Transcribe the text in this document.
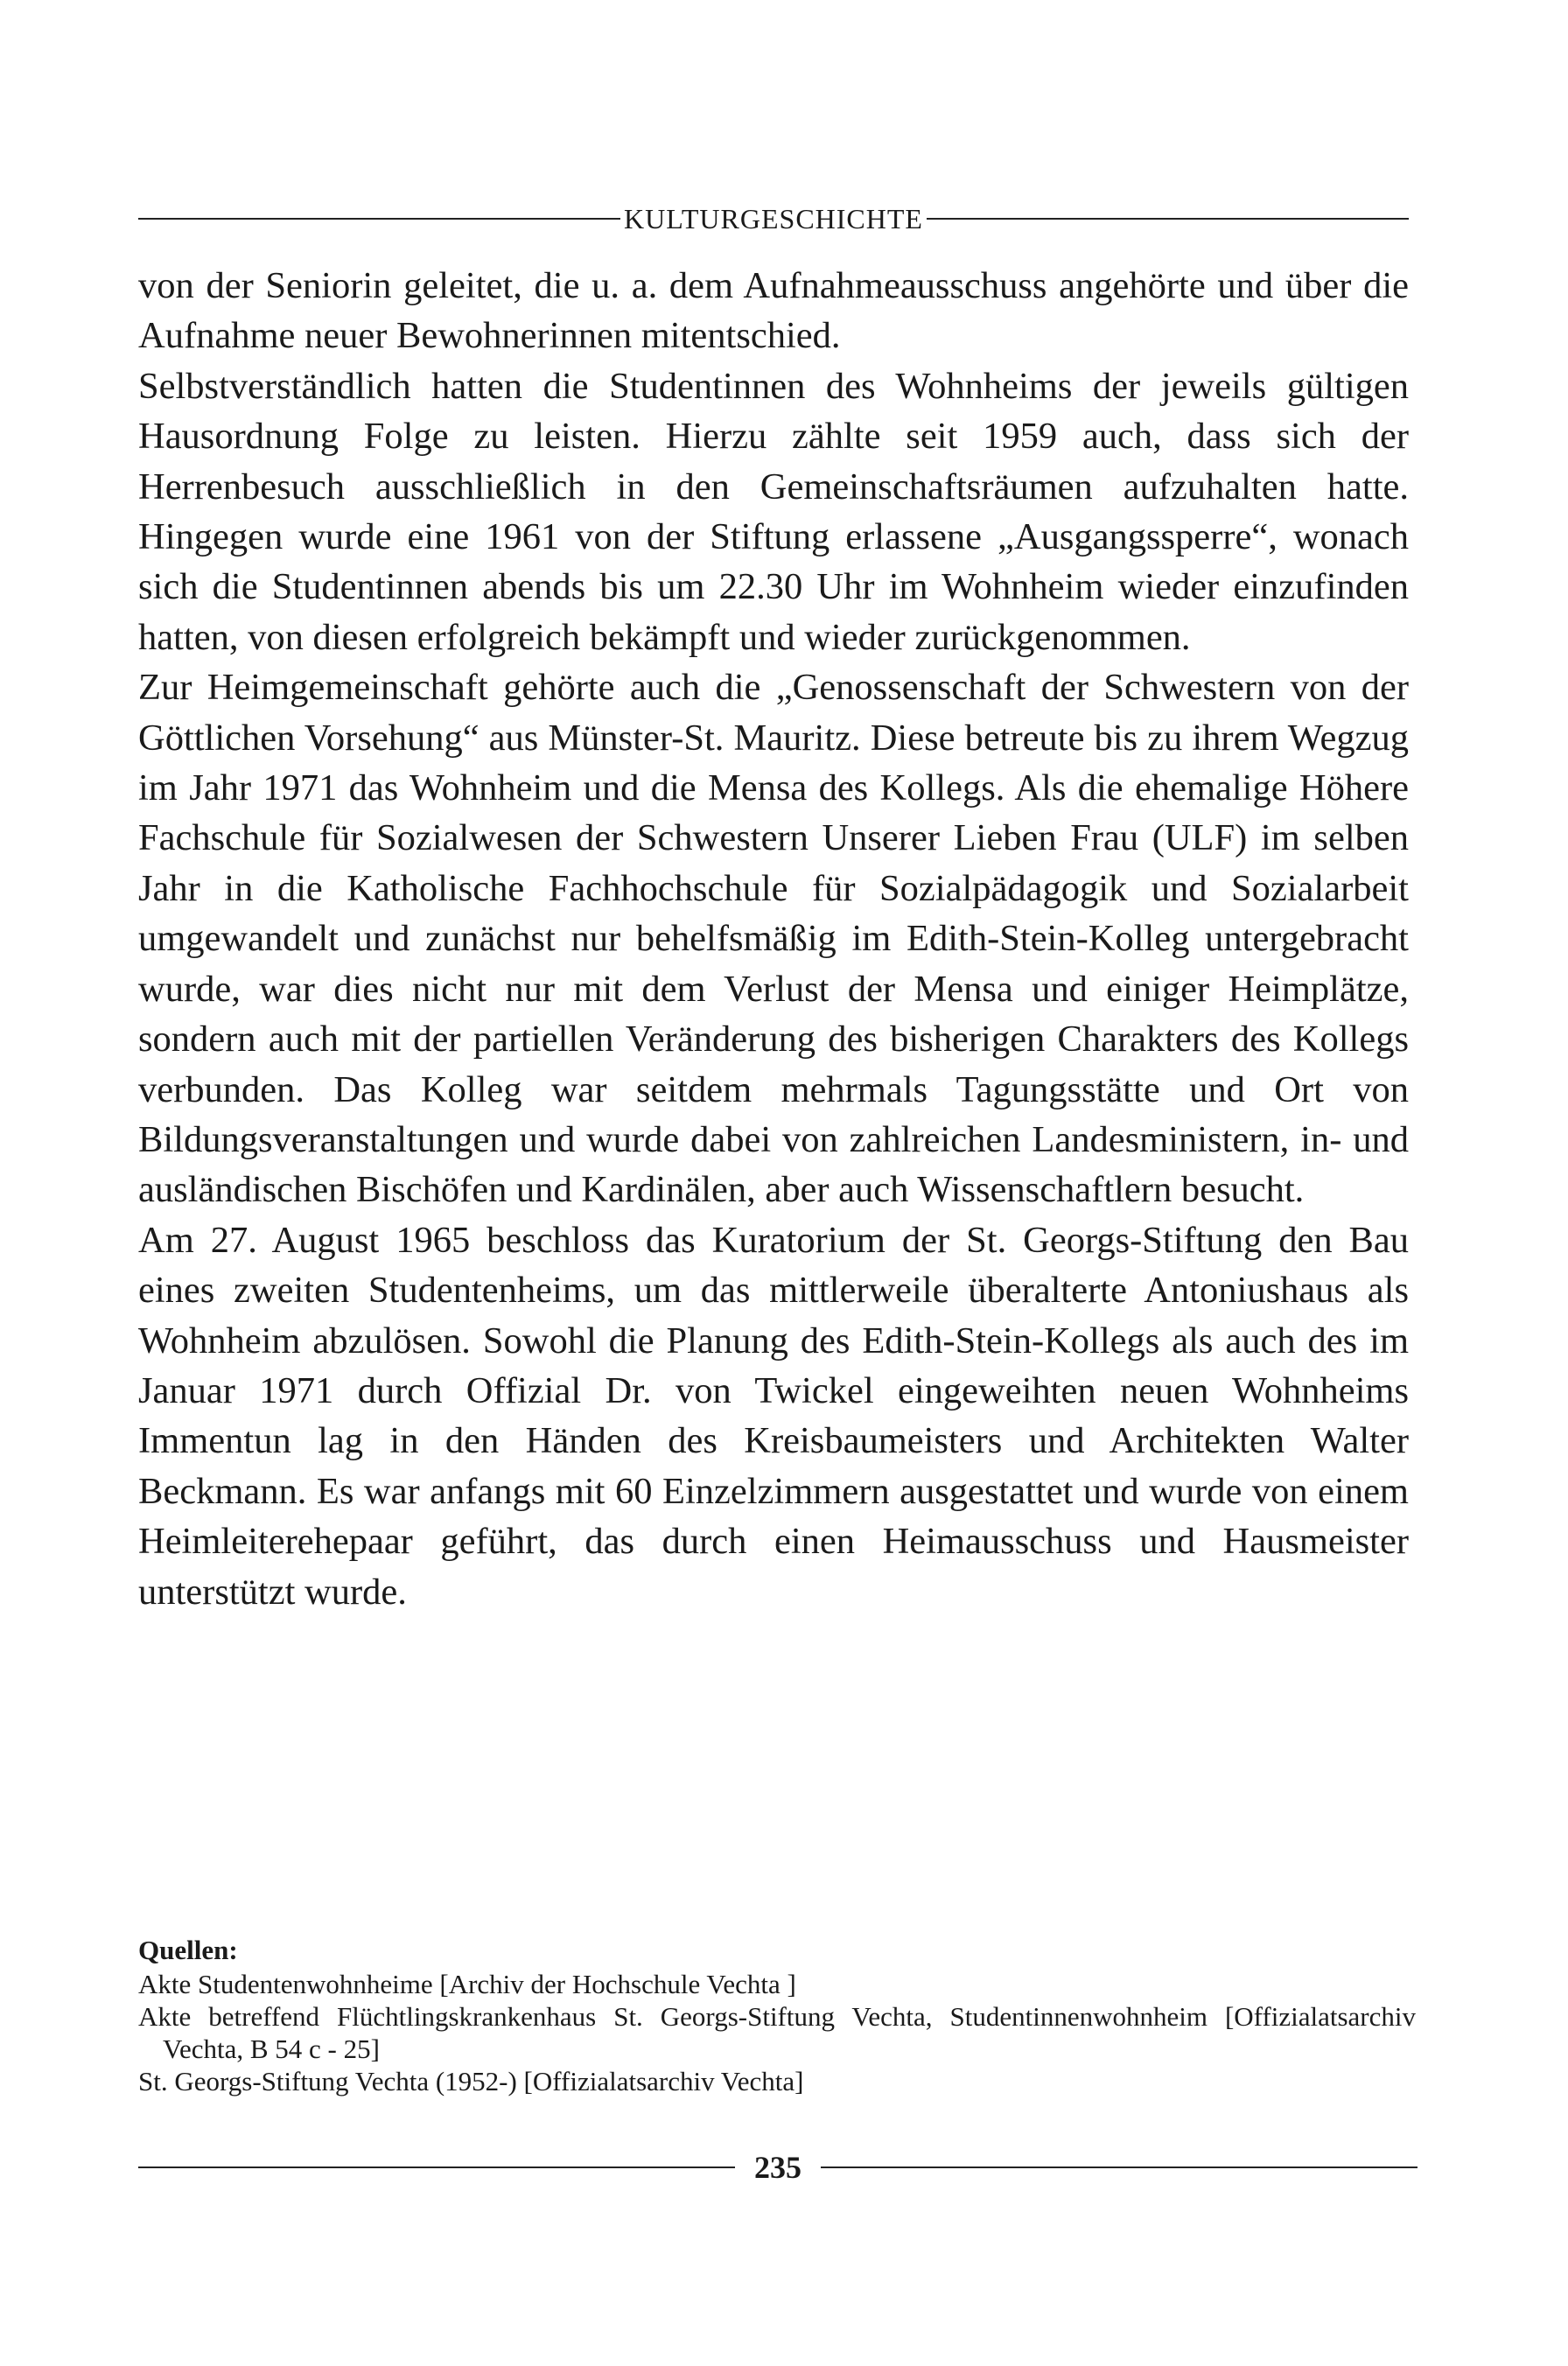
KULTURGESCHICHTE

von der Seniorin geleitet, die u. a. dem Aufnahmeausschuss angehörte und über die Aufnahme neuer Bewohnerinnen mitentschied.

Selbstverständlich hatten die Studentinnen des Wohnheims der jeweils gültigen Hausordnung Folge zu leisten. Hierzu zählte seit 1959 auch, dass sich der Herrenbesuch ausschließlich in den Gemeinschaftsräumen aufzuhalten hatte. Hingegen wurde eine 1961 von der Stiftung erlassene „Ausgangssperre“, wonach sich die Studentinnen abends bis um 22.30 Uhr im Wohnheim wieder einzufinden hatten, von diesen erfolgreich bekämpft und wieder zurückgenommen.

Zur Heimgemeinschaft gehörte auch die „Genossenschaft der Schwestern von der Göttlichen Vorsehung“ aus Münster-St. Mauritz. Diese betreute bis zu ihrem Wegzug im Jahr 1971 das Wohnheim und die Mensa des Kollegs. Als die ehemalige Höhere Fachschule für Sozialwesen der Schwestern Unserer Lieben Frau (ULF) im selben Jahr in die Katholische Fachhochschule für Sozialpädagogik und Sozialarbeit umgewandelt und zunächst nur behelfsmäßig im Edith-Stein-Kolleg untergebracht wurde, war dies nicht nur mit dem Verlust der Mensa und einiger Heimplätze, sondern auch mit der partiellen Veränderung des bisherigen Charakters des Kollegs verbunden. Das Kolleg war seitdem mehrmals Tagungsstätte und Ort von Bildungsveranstaltungen und wurde dabei von zahlreichen Landesministern, in- und ausländischen Bischöfen und Kardinälen, aber auch Wissenschaftlern besucht.

Am 27. August 1965 beschloss das Kuratorium der St. Georgs-Stiftung den Bau eines zweiten Studentenheims, um das mittlerweile überalterte Antoniushaus als Wohnheim abzulösen. Sowohl die Planung des Edith-Stein-Kollegs als auch des im Januar 1971 durch Offizial Dr. von Twickel eingeweihten neuen Wohnheims Immentun lag in den Händen des Kreisbaumeisters und Architekten Walter Beckmann. Es war anfangs mit 60 Einzelzimmern ausgestattet und wurde von einem Heimleiterehepaar geführt, das durch einen Heimausschuss und Hausmeister unterstützt wurde.

Quellen:

Akte Studentenwohnheime [Archiv der Hochschule Vechta ]

Akte betreffend Flüchtlingskrankenhaus St. Georgs-Stiftung Vechta, Studentinnenwohnheim [Offizialatsarchiv Vechta, B 54 c - 25]

St. Georgs-Stiftung Vechta (1952-) [Offizialatsarchiv Vechta]

235
